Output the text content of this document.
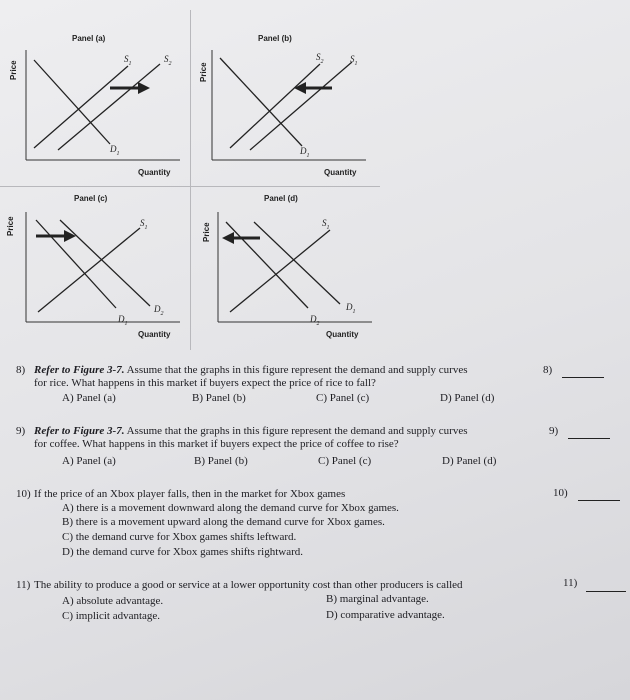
Panel (a)
Price
$S_1$	$S_2$
$D_1$
Quantity
Panel (b)
Price
$S_2$	$S_1$
$D_1$
Quantity
Panel (c)
Price	$S_1$
$D_1$
$D_2$
Quantity
Panel (d)
Price	$S_1$
$D_2$
$D_1$
Quantity
8) Refer to Figure 3-7. Assume that the graphs in this figure represent the demand and supply curves
for rice. What happens in this market if buyers expect the price of rice to fall?
8)
A) Panel (a)	B) Panel (b)	C) Panel (c)	D) Panel (d)
9) Refer to Figure 3-7. Assume that the graphs in this figure represent the demand and supply curves
for coffee. What happens in this market if buyers expect the price of coffee to rise?
9)
A) Panel (a)	B) Panel (b)	C) Panel (c)	D) Panel (d)
10) If the price of an Xbox player falls, then in the market for Xbox games	10)
A) there is a movement downward along the demand curve for Xbox games.
B) there is a movement upward along the demand curve for Xbox games.
C) the demand curve for Xbox games shifts leftward.
D) the demand curve for Xbox games shifts rightward.
11) The ability to produce a good or service at a lower opportunity cost than other producers is called	11)
A) absolute advantage.	B) marginal advantage.
C) implicit advantage.	D) comparative advantage.
